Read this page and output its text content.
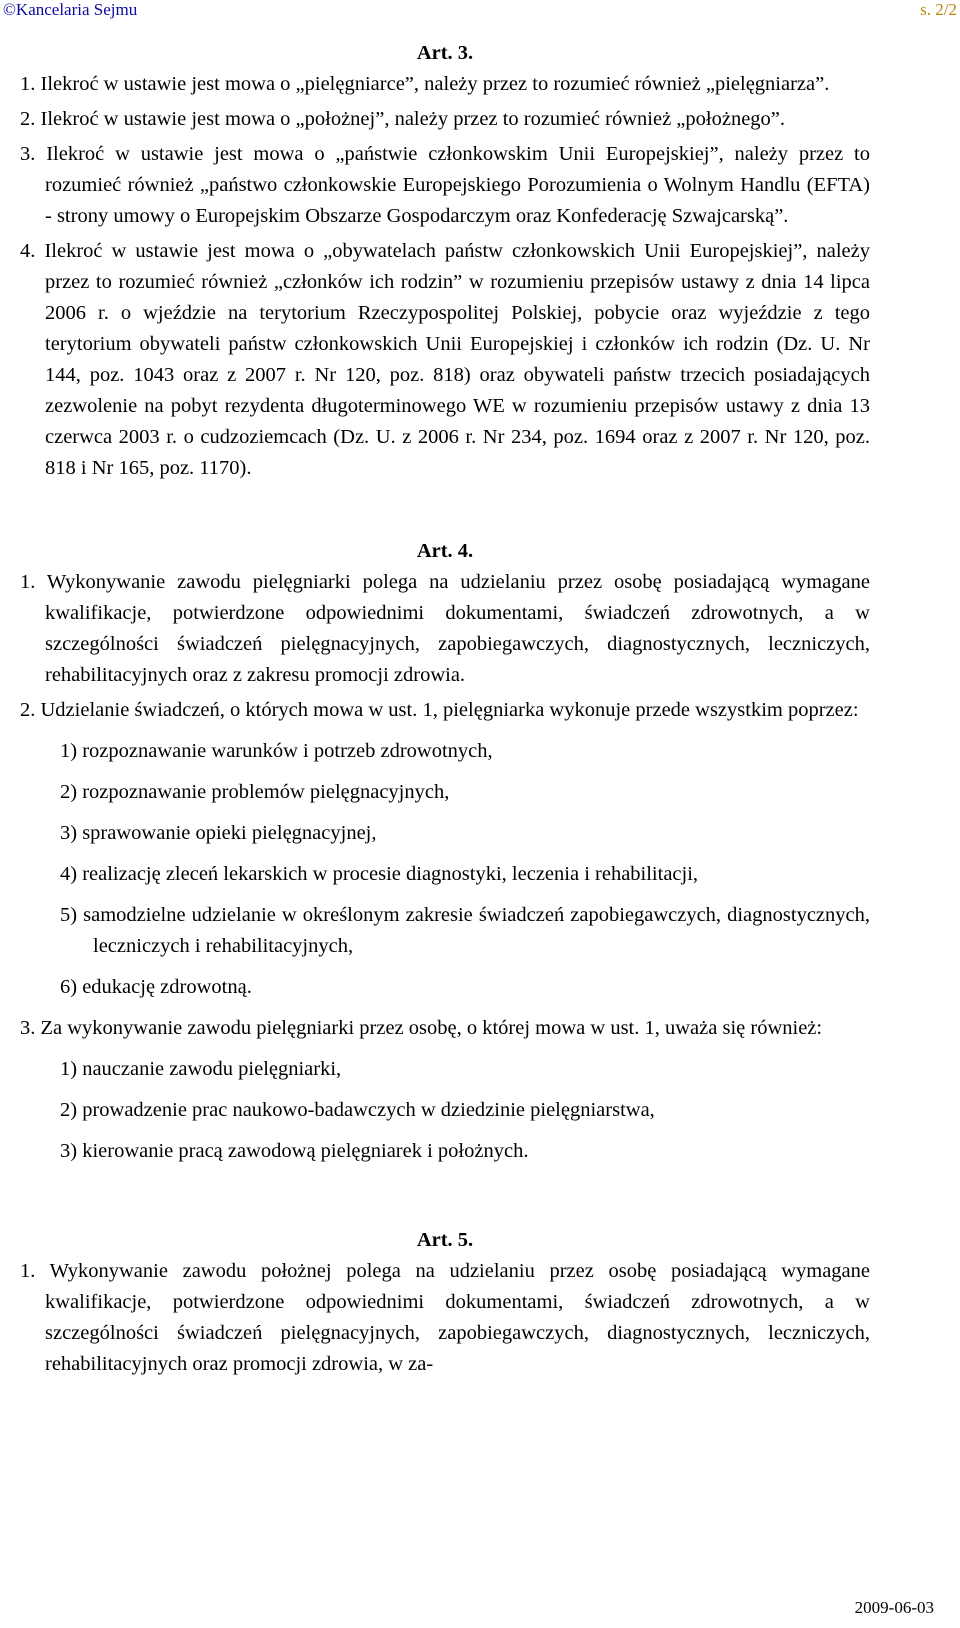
©Kancelaria Sejmu	s. 2/2

Art. 3.

1. Ilekroć w ustawie jest mowa o „pielęgniarce”, należy przez to rozumieć również „pielęgniarza”.

2. Ilekroć w ustawie jest mowa o „położnej”, należy przez to rozumieć również „położnego”.

3. Ilekroć w ustawie jest mowa o „państwie członkowskim Unii Europejskiej”, należy przez to rozumieć również „państwo członkowskie Europejskiego Porozumienia o Wolnym Handlu (EFTA) - strony umowy o Europejskim Obszarze Gospodarczym oraz Konfederację Szwajcarską”.

4. Ilekroć w ustawie jest mowa o „obywatelach państw członkowskich Unii Europejskiej”, należy przez to rozumieć również „członków ich rodzin” w rozumieniu przepisów ustawy z dnia 14 lipca 2006 r. o wjeździe na terytorium Rzeczypospolitej Polskiej, pobycie oraz wyjeździe z tego terytorium obywateli państw członkowskich Unii Europejskiej i członków ich rodzin (Dz. U. Nr 144, poz. 1043 oraz z 2007 r. Nr 120, poz. 818) oraz obywateli państw trzecich posiadających zezwolenie na pobyt rezydenta długoterminowego WE w rozumieniu przepisów ustawy z dnia 13 czerwca 2003 r. o cudzoziemcach (Dz. U. z 2006 r. Nr 234, poz. 1694 oraz z 2007 r. Nr 120, poz. 818 i Nr 165, poz. 1170).

Art. 4.

1. Wykonywanie zawodu pielęgniarki polega na udzielaniu przez osobę posiadającą wymagane kwalifikacje, potwierdzone odpowiednimi dokumentami, świadczeń zdrowotnych, a w szczególności świadczeń pielęgnacyjnych, zapobiegawczych, diagnostycznych, leczniczych, rehabilitacyjnych oraz z zakresu promocji zdrowia.

2. Udzielanie świadczeń, o których mowa w ust. 1, pielęgniarka wykonuje przede wszystkim poprzez:

1) rozpoznawanie warunków i potrzeb zdrowotnych,

2) rozpoznawanie problemów pielęgnacyjnych,

3) sprawowanie opieki pielęgnacyjnej,

4) realizację zleceń lekarskich w procesie diagnostyki, leczenia i rehabilitacji,

5) samodzielne udzielanie w określonym zakresie świadczeń zapobiegawczych, diagnostycznych, leczniczych i rehabilitacyjnych,

6) edukację zdrowotną.

3. Za wykonywanie zawodu pielęgniarki przez osobę, o której mowa w ust. 1, uważa się również:

1) nauczanie zawodu pielęgniarki,

2) prowadzenie prac naukowo-badawczych w dziedzinie pielęgniarstwa,

3) kierowanie pracą zawodową pielęgniarek i położnych.

Art. 5.

1. Wykonywanie zawodu położnej polega na udzielaniu przez osobę posiadającą wymagane kwalifikacje, potwierdzone odpowiednimi dokumentami, świadczeń zdrowotnych, a w szczególności świadczeń pielęgnacyjnych, zapobiegawczych, diagnostycznych, leczniczych, rehabilitacyjnych oraz promocji zdrowia, w za-

2009-06-03
